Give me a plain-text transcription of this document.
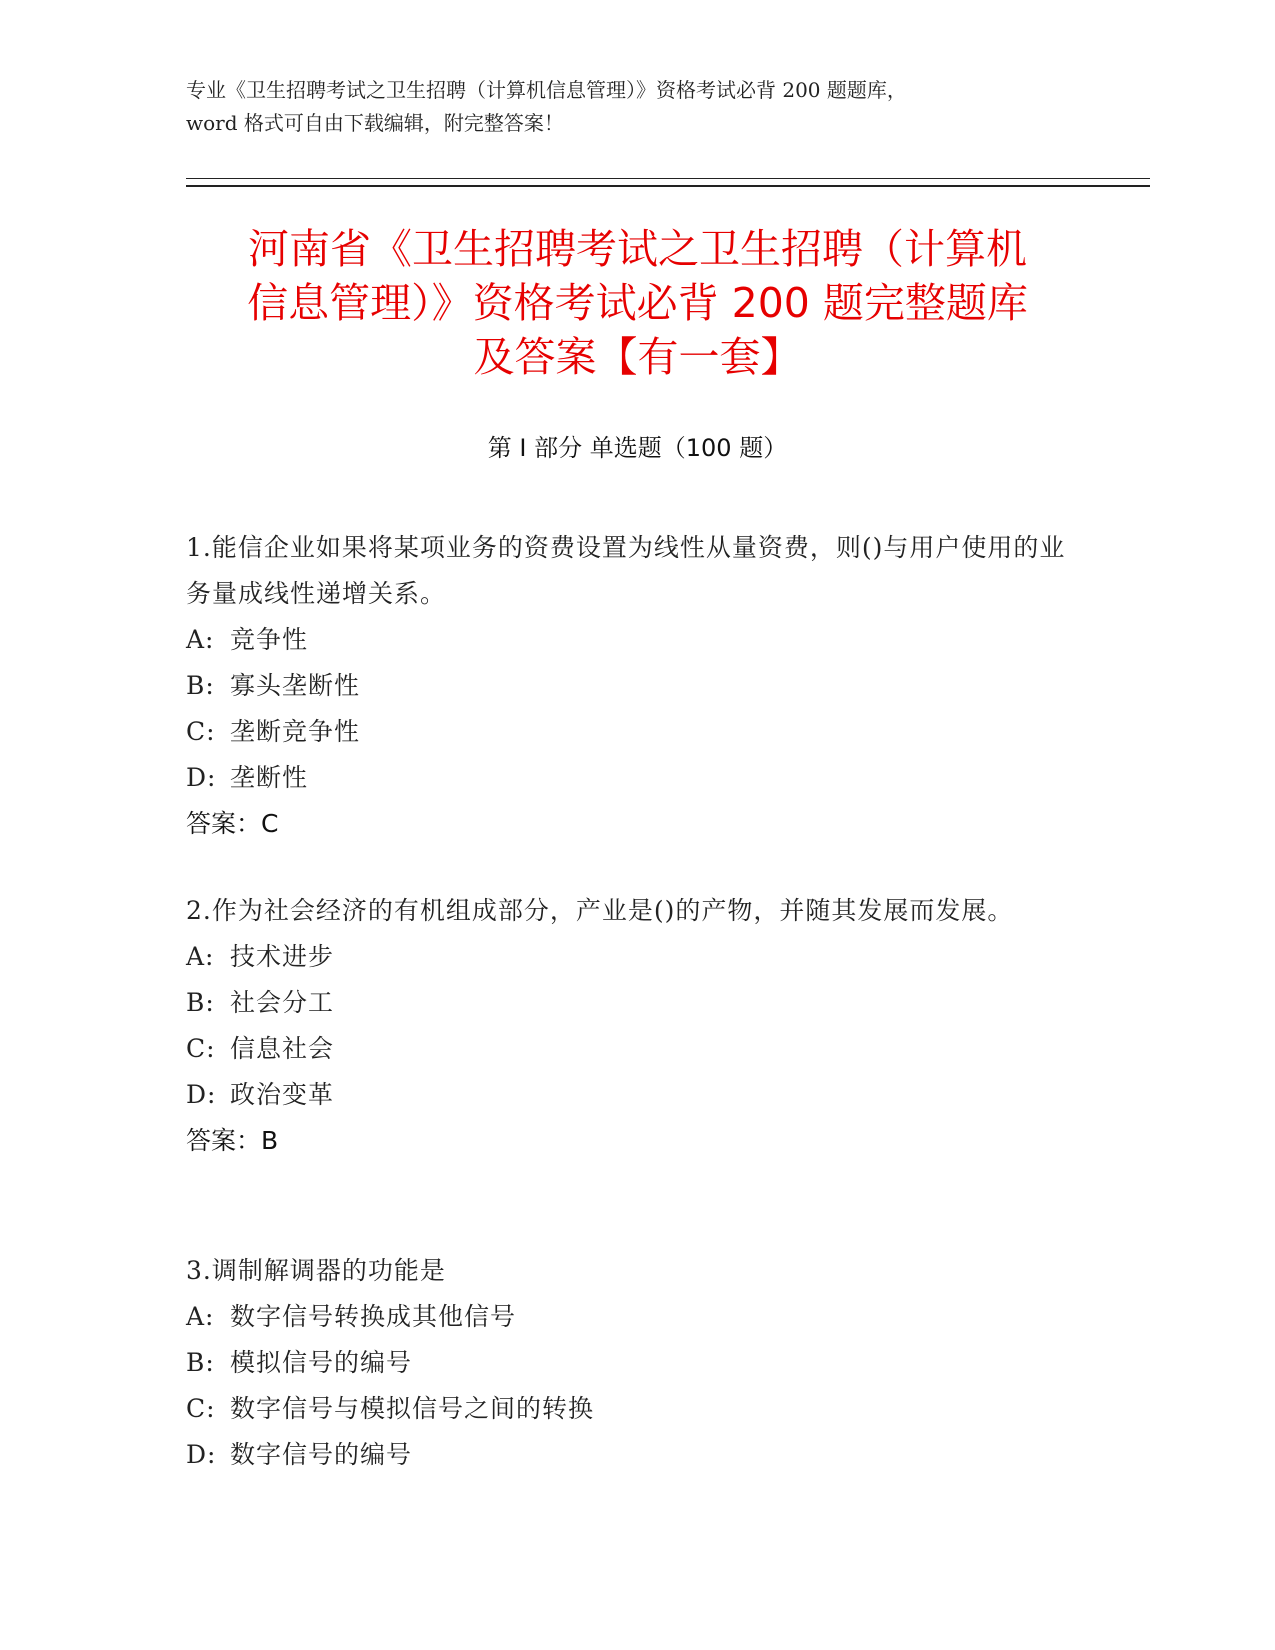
专业《卫生招聘考试之卫生招聘（计算机信息管理）》资格考试必背 200 题题库，
word 格式可自由下载编辑，附完整答案！
河南省《卫生招聘考试之卫生招聘（计算机
信息管理）》资格考试必背 200 题完整题库
及答案【有一套】
第 I 部分 单选题（100 题）
1.能信企业如果将某项业务的资费设置为线性从量资费，则()与用户使用的业务量成线性递增关系。
A: 竞争性
B: 寡头垄断性
C: 垄断竞争性
D: 垄断性
答案：C
2.作为社会经济的有机组成部分，产业是()的产物，并随其发展而发展。
A: 技术进步
B: 社会分工
C: 信息社会
D: 政治变革
答案：B
3.调制解调器的功能是
A: 数字信号转换成其他信号
B: 模拟信号的编号
C: 数字信号与模拟信号之间的转换
D: 数字信号的编号
